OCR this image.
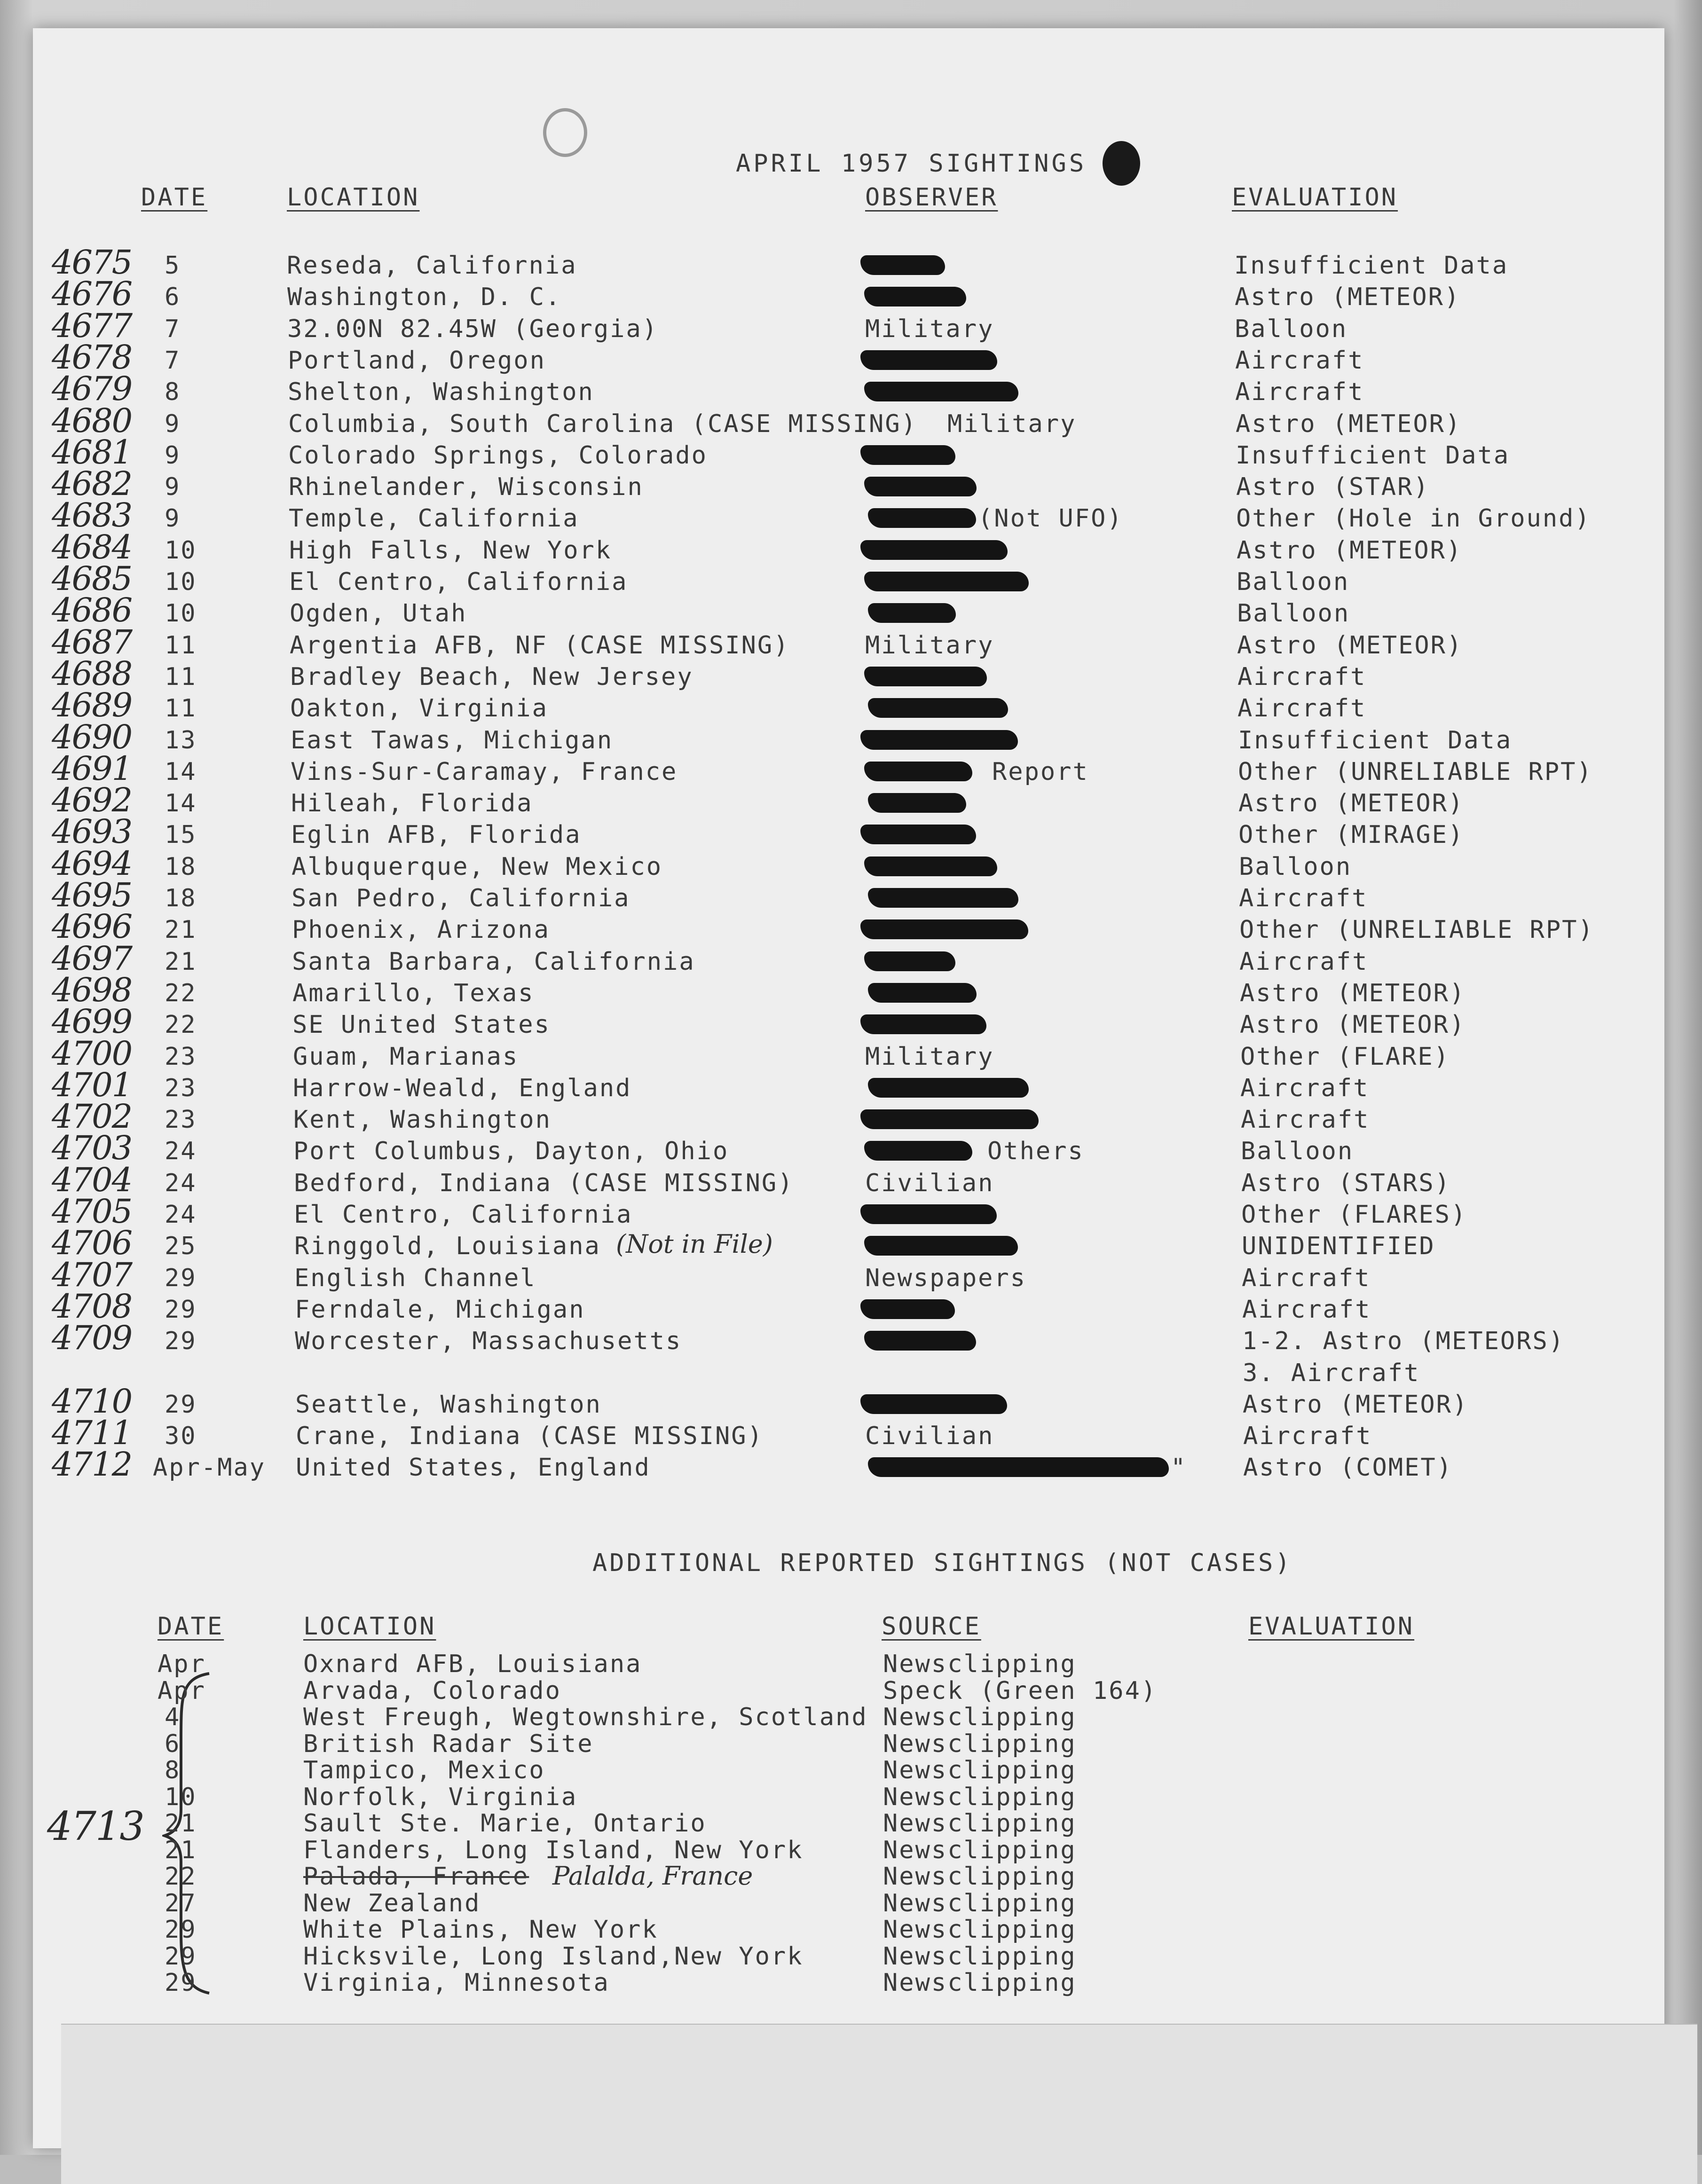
APRIL 1957 SIGHTINGS
DATE	LOCATION	OBSERVER	EVALUATION
4675 5	Reseda, California	Insufficient Data
4676 6	Washington, D. C.	Astro (METEOR)
4677 7	32.00N 82.45W (Georgia)	Military	Balloon
4678 7	Portland, Oregon	Aircraft
4679 8	Shelton, Washington	Aircraft
4680 9	Columbia, South Carolina (CASE MISSING) Military	Astro (METEOR)
4681 9	Colorado Springs, Colorado	Insufficient Data
4682 9	Rhinelander, Wisconsin	Astro (STAR)
4683 9	Temple, California	(Not UFO)	Other (Hole in Ground)
4684 10	High Falls, New York	Astro (METEOR)
4685 10	El Centro, California	Balloon
4686 10	Ogden, Utah	Balloon
4687 11	Argentia AFB, NF (CASE MISSING)	Military	Astro (METEOR)
4688 11	Bradley Beach, New Jersey	Aircraft
4689 11	Oakton, Virginia	Aircraft
4690 13	East Tawas, Michigan	Insufficient Data
4691 14	Vins-Sur-Caramay, France	Report	Other (UNRELIABLE RPT)
4692 14	Hileah, Florida	Astro (METEOR)
4693 15	Eglin AFB, Florida	Other (MIRAGE)
4694 18	Albuquerque, New Mexico	Balloon
4695 18	San Pedro, California	Aircraft
4696 21	Phoenix, Arizona	Other (UNRELIABLE RPT)
4697 21	Santa Barbara, California	Aircraft
4698 22	Amarillo, Texas	Astro (METEOR)
4699 22	SE United States	Astro (METEOR)
4700 23	Guam, Marianas	Military	Other (FLARE)
4701 23	Harrow-Weald, England	Aircraft
4702 23	Kent, Washington	Aircraft
4703 24	Port Columbus, Dayton, Ohio	Others	Balloon
4704 24	Bedford, Indiana (CASE MISSING)	Civilian	Astro (STARS)
4705 24	El Centro, California	Other (FLARES)
4706 25	Ringgold, Louisiana	UNIDENTIFIED
(Not in File)
4707 29	English Channel	Newspapers	Aircraft
4708 29	Ferndale, Michigan	Aircraft
4709 29	Worcester, Massachusetts	1-2. Astro (METEORS)
3. Aircraft
4710 29	Seattle, Washington	Astro (METEOR)
4711 30	Crane, Indiana (CASE MISSING)	Civilian	Aircraft
4712 Apr-May United States, England	" Astro (COMET)
ADDITIONAL REPORTED SIGHTINGS (NOT CASES)
DATE	LOCATION	SOURCE	EVALUATION
4713
Apr	Oxnard AFB, Louisiana	Newsclipping
Apr	Arvada, Colorado	Speck (Green 164)
4	West Freugh, Wegtownshire, Scotland Newsclipping
6	British Radar Site	Newsclipping
8	Tampico, Mexico	Newsclipping
10	Norfolk, Virginia	Newsclipping
21	Sault Ste. Marie, Ontario	Newsclipping
21	Flanders, Long Island, New York	Newsclipping
22	Palada, France	Newsclipping
Palalda, France
27	New Zealand	Newsclipping
29	White Plains, New York	Newsclipping
29	Hicksvile, Long Island,New York	Newsclipping
29	Virginia, Minnesota	Newsclipping
